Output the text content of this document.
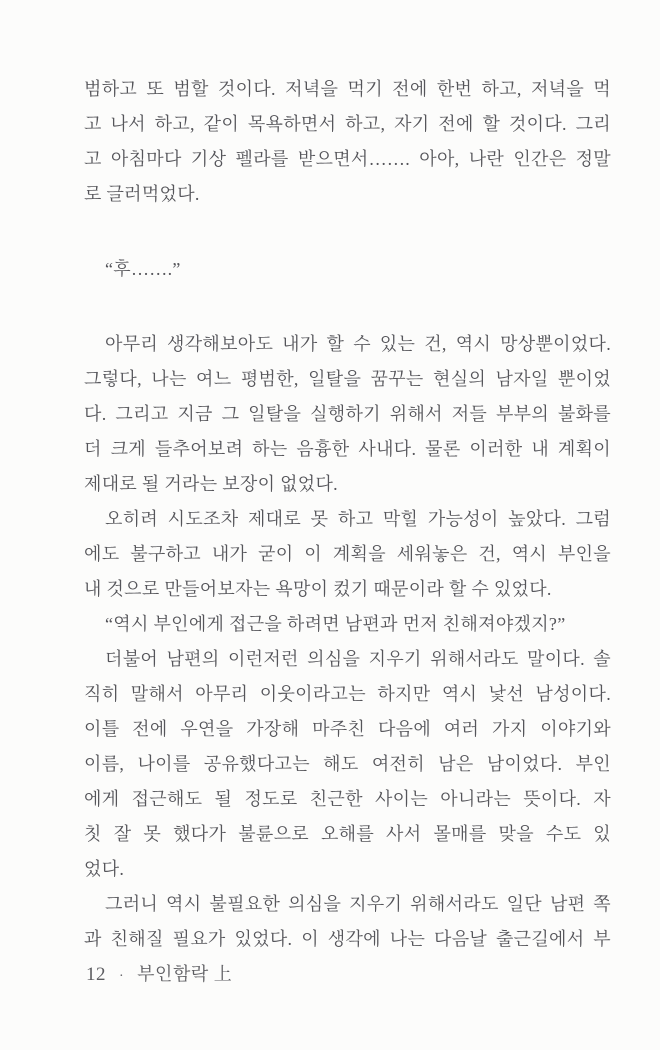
범하고 또 범할 것이다. 저녁을 먹기 전에 한번 하고, 저녁을 먹
고 나서 하고, 같이 목욕하면서 하고, 자기 전에 할 것이다. 그리
고 아침마다 기상 펠라를 받으면서……. 아아, 나란 인간은 정말
로 글러먹었다.
“후…….”
아무리 생각해보아도 내가 할 수 있는 건, 역시 망상뿐이었다.
그렇다, 나는 여느 평범한, 일탈을 꿈꾸는 현실의 남자일 뿐이었
다. 그리고 지금 그 일탈을 실행하기 위해서 저들 부부의 불화를
더 크게 들추어보려 하는 음흉한 사내다. 물론 이러한 내 계획이
제대로 될 거라는 보장이 없었다.
오히려 시도조차 제대로 못 하고 막힐 가능성이 높았다. 그럼
에도 불구하고 내가 굳이 이 계획을 세워놓은 건, 역시 부인을
내 것으로 만들어보자는 욕망이 컸기 때문이라 할 수 있었다.
“역시 부인에게 접근을 하려면 남편과 먼저 친해져야겠지?”
더불어 남편의 이런저런 의심을 지우기 위해서라도 말이다. 솔
직히 말해서 아무리 이웃이라고는 하지만 역시 낯선 남성이다.
이틀 전에 우연을 가장해 마주친 다음에 여러 가지 이야기와
이름, 나이를 공유했다고는 해도 여전히 남은 남이었다. 부인
에게 접근해도 될 정도로 친근한 사이는 아니라는 뜻이다. 자
칫 잘 못 했다가 불륜으로 오해를 사서 몰매를 맞을 수도 있
었다.
그러니 역시 불필요한 의심을 지우기 위해서라도 일단 남편 쪽
과 친해질 필요가 있었다. 이 생각에 나는 다음날 출근길에서 부
12 · 부인함락 上
